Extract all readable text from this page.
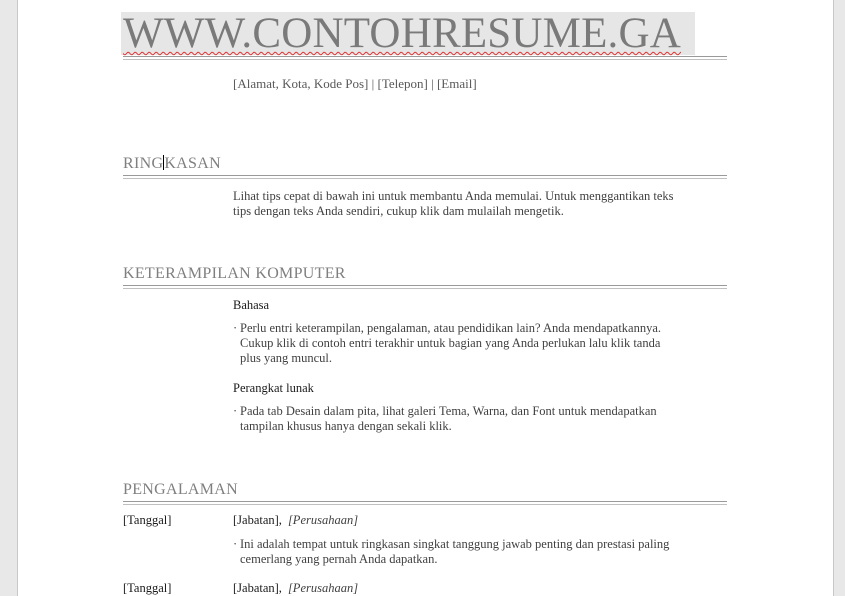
WWW.CONTOHRESUME.GA
[Alamat, Kota, Kode Pos] | [Telepon] | [Email]
RINGKASAN
Lihat tips cepat di bawah ini untuk membantu Anda memulai. Untuk menggantikan teks
tips dengan teks Anda sendiri, cukup klik dam mulailah mengetik.
KETERAMPILAN KOMPUTER
Bahasa
· Perlu entri keterampilan, pengalaman, atau pendidikan lain? Anda mendapatkannya.
Cukup klik di contoh entri terakhir untuk bagian yang Anda perlukan lalu klik tanda
plus yang muncul.
Perangkat lunak
· Pada tab Desain dalam pita, lihat galeri Tema, Warna, dan Font untuk mendapatkan
tampilan khusus hanya dengan sekali klik.
PENGALAMAN
[Tanggal]	[Jabatan], [Perusahaan]
· Ini adalah tempat untuk ringkasan singkat tanggung jawab penting dan prestasi paling
cemerlang yang pernah Anda dapatkan.
[Tanggal]	[Jabatan], [Perusahaan]
